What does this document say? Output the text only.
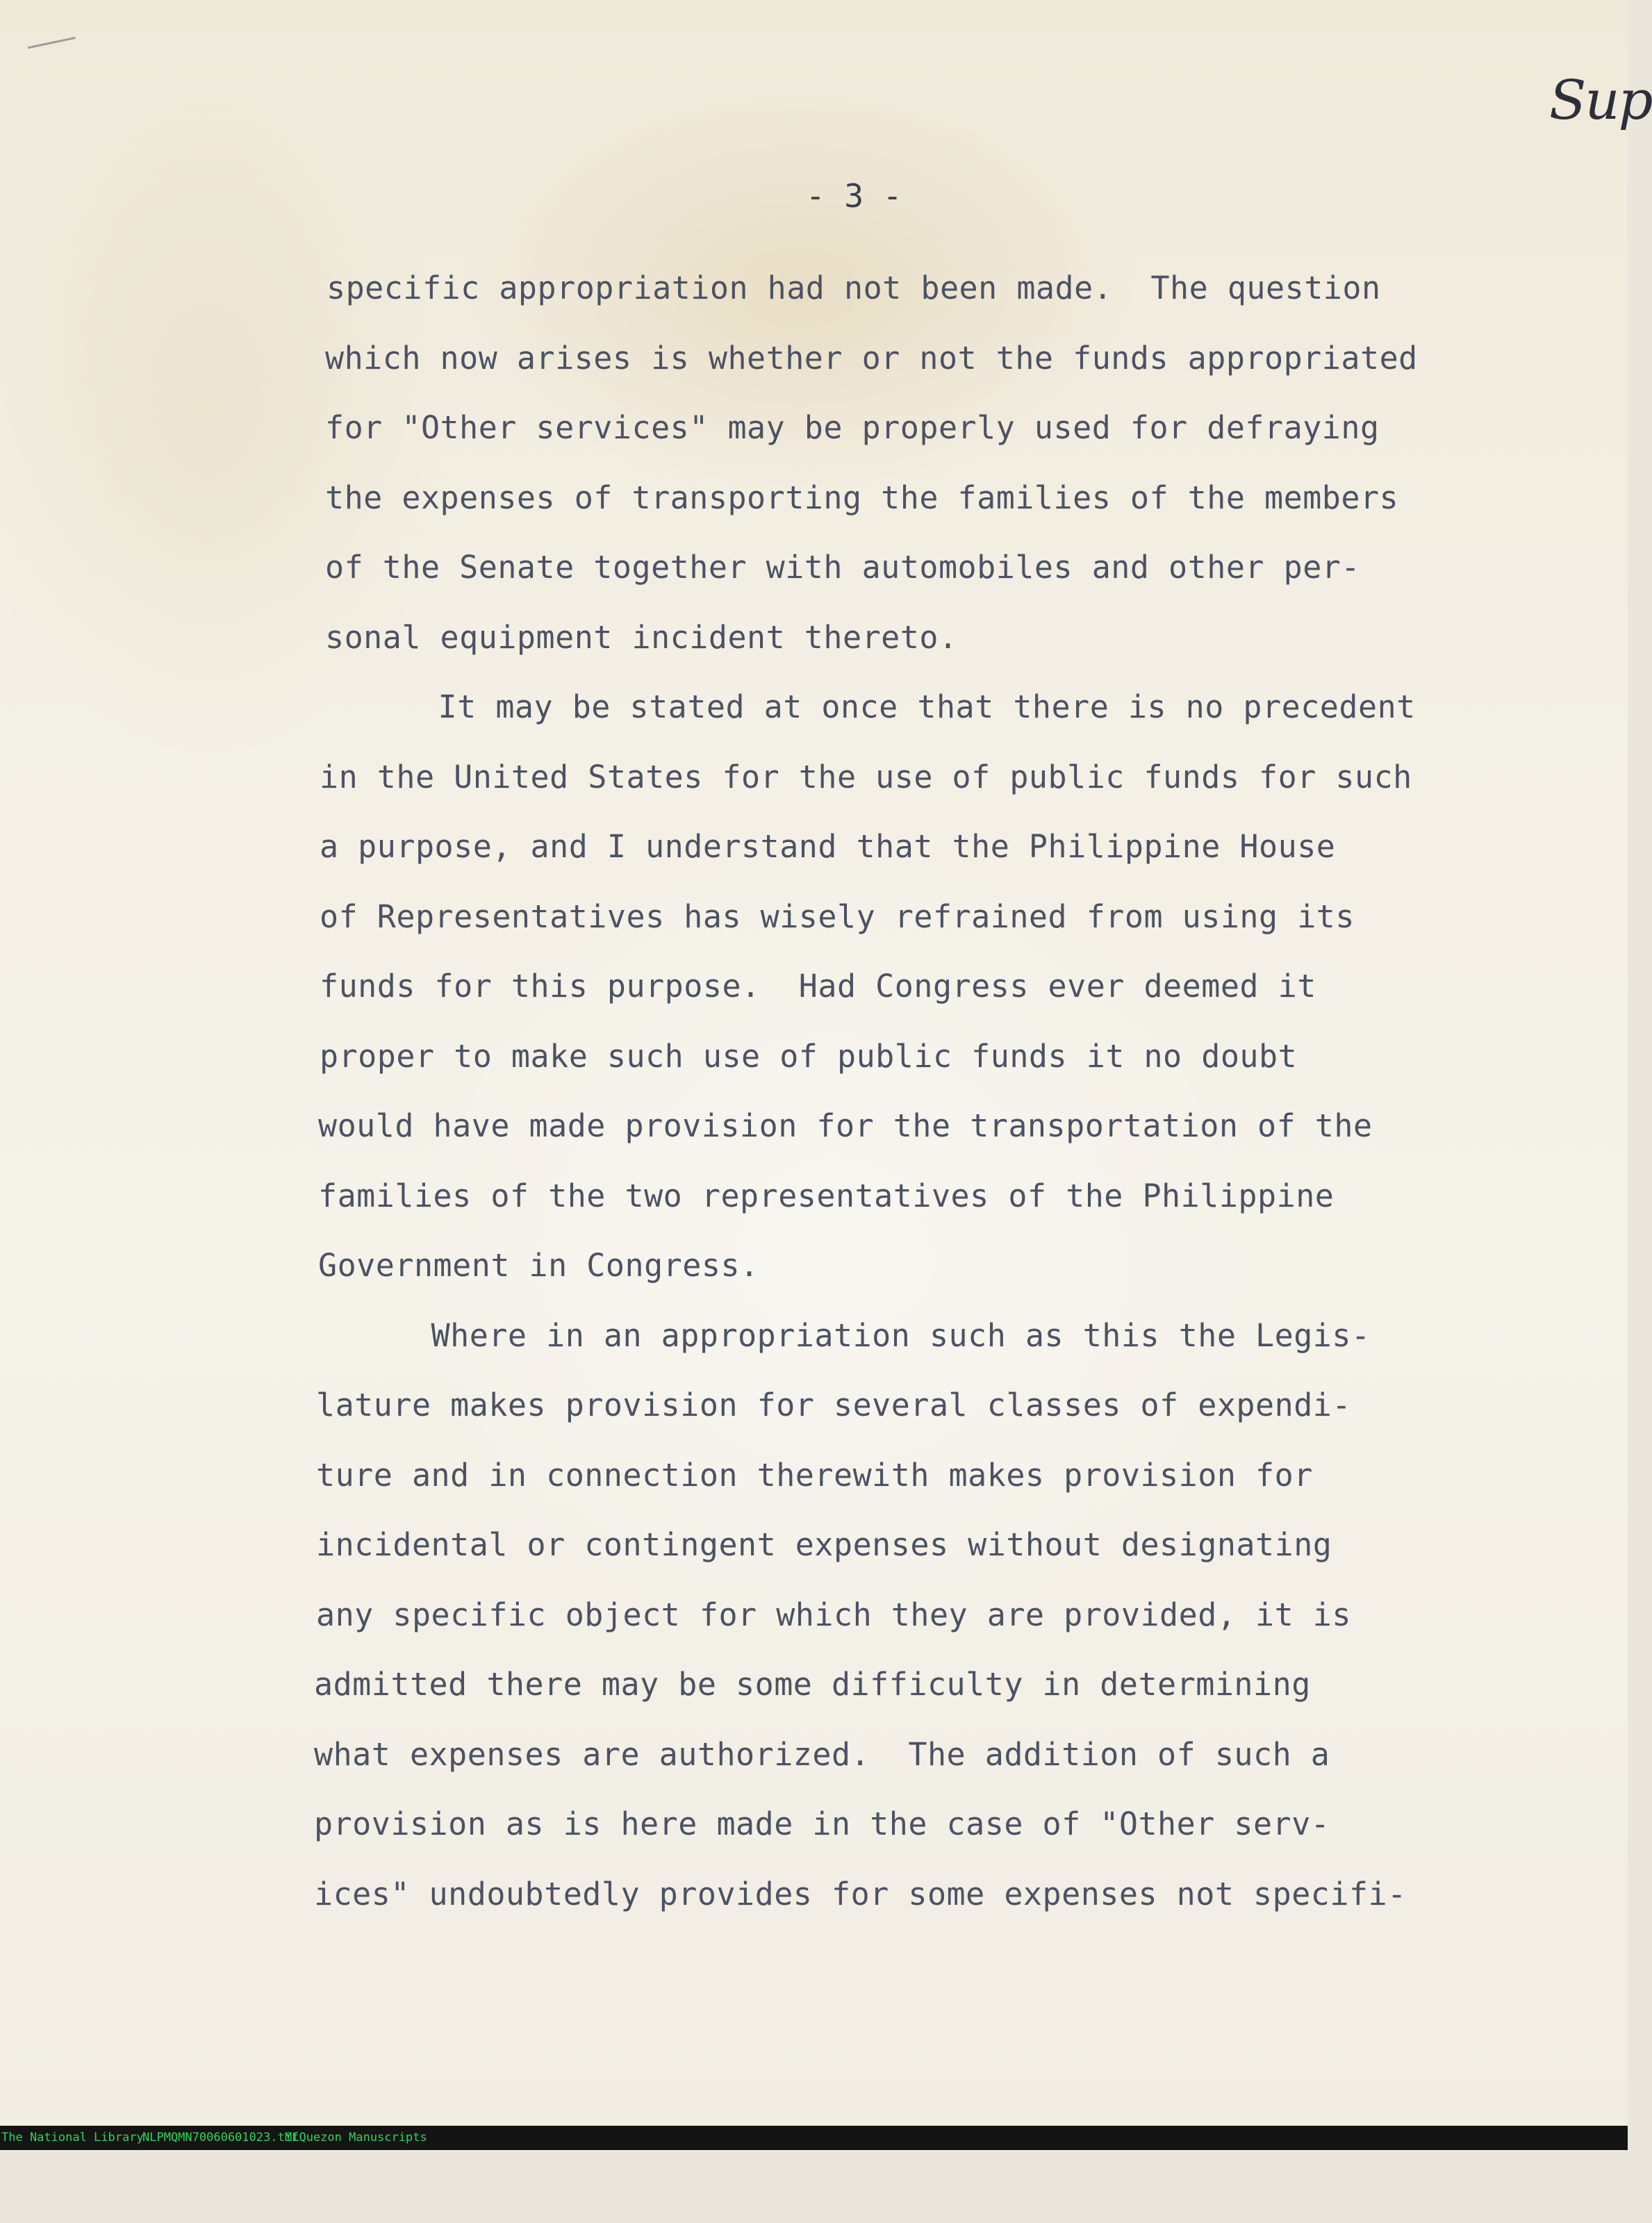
Sup
- 3 -
specific appropriation had not been made.  The question
which now arises is whether or not the funds appropriated
for "Other services" may be properly used for defraying
the expenses of transporting the families of the members
of the Senate together with automobiles and other per-
sonal equipment incident thereto.
It may be stated at once that there is no precedent
in the United States for the use of public funds for such
a purpose, and I understand that the Philippine House
of Representatives has wisely refrained from using its
funds for this purpose.  Had Congress ever deemed it
proper to make such use of public funds it no doubt
would have made provision for the transportation of the
families of the two representatives of the Philippine
Government in Congress.
Where in an appropriation such as this the Legis-
lature makes provision for several classes of expendi-
ture and in connection therewith makes provision for
incidental or contingent expenses without designating
any specific object for which they are provided, it is
admitted there may be some difficulty in determining
what expenses are authorized.  The addition of such a
provision as is here made in the case of "Other serv-
ices" undoubtedly provides for some expenses not specifi-

The National Library

NLPMQMN70060601023.tif

MLQuezon Manuscripts
